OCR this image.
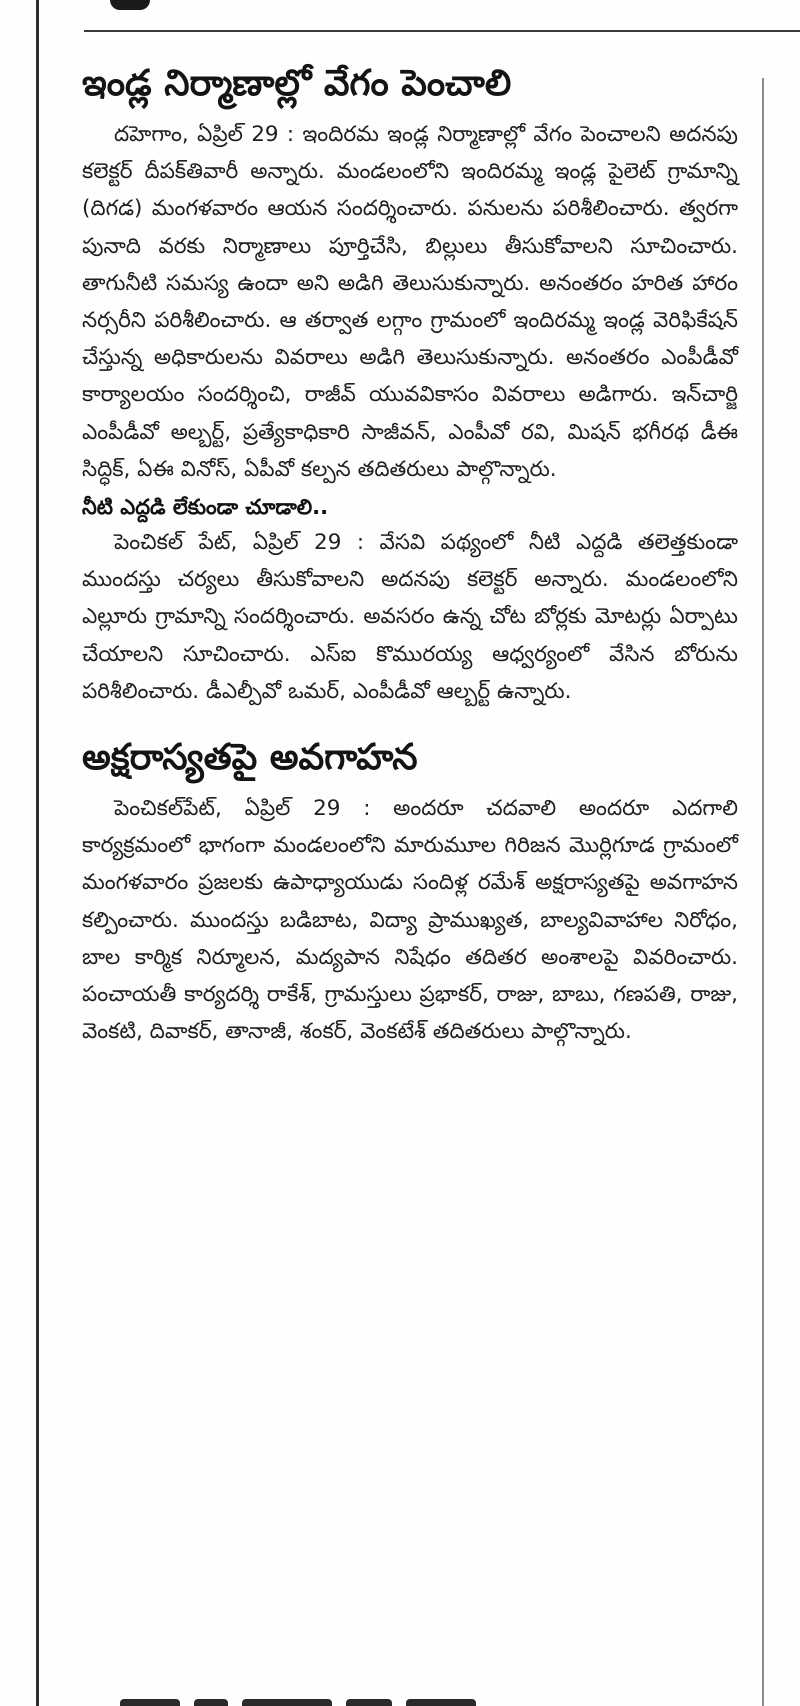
ఇండ్ల నిర్మాణాల్లో వేగం పెంచాలి

దహెగాం, ఏప్రిల్ 29 : ఇందిరమ ఇండ్ల నిర్మాణాల్లో వేగం పెంచాలని అదనపు కలెక్టర్ దీపక్‌తివారీ అన్నారు. మండలంలోని ఇందిరమ్మ ఇండ్ల పైలెట్ గ్రామాన్ని (దిగడ) మంగళవారం ఆయన సందర్శించారు. పనులను పరిశీలించారు. త్వరగా పునాది వరకు నిర్మాణాలు పూర్తిచేసి, బిల్లులు తీసుకోవాలని సూచించారు. తాగునీటి సమస్య ఉందా అని అడిగి తెలుసుకున్నారు. అనంతరం హరిత హారం నర్సరీని పరిశీలించారు. ఆ తర్వాత లగ్గాం గ్రామంలో ఇందిరమ్మ ఇండ్ల వెరిఫికేషన్ చేస్తున్న అధికారులను వివరాలు అడిగి తెలుసుకున్నారు. అనంతరం ఎంపీడీవో కార్యాలయం సందర్శించి, రాజీవ్ యువవికాసం వివరాలు అడిగారు. ఇన్‌చార్జి ఎంపీడీవో అల్బర్ట్, ప్రత్యేకాధికారి సాజీవన్, ఎంపీవో రవి, మిషన్ భగీరథ డీఈ సిద్ధిక్, ఏఈ వినోస్, ఏపీవో కల్పన తదితరులు పాల్గొన్నారు.

నీటి ఎద్దడి లేకుండా చూడాలి..

పెంచికల్ పేట్, ఏప్రిల్ 29 : వేసవి పథ్యంలో నీటి ఎద్దడి తలెత్తకుండా ముందస్తు చర్యలు తీసుకోవాలని అదనపు కలెక్టర్ అన్నారు. మండలంలోని ఎల్లూరు గ్రామాన్ని సందర్శించారు. అవసరం ఉన్న చోట బోర్లకు మోటర్లు ఏర్పాటు చేయాలని సూచించారు. ఎస్ఐ కొమురయ్య ఆధ్వర్యంలో వేసిన బోరును పరిశీలించారు. డీఎల్పీవో ఒమర్, ఎంపీడీవో ఆల్బర్ట్ ఉన్నారు.

అక్షరాస్యతపై అవగాహన

పెంచికల్‌పేట్, ఏప్రిల్ 29 : అందరూ చదవాలి అందరూ ఎదగాలి కార్యక్రమంలో భాగంగా మండలంలోని మారుమూల గిరిజన మొర్లిగూడ గ్రామంలో మంగళవారం ప్రజలకు ఉపాధ్యాయుడు సందిళ్ల రమేశ్ అక్షరాస్యతపై అవగాహన కల్పించారు. ముందస్తు బడిబాట, విద్యా ప్రాముఖ్యత, బాల్యవివాహాల నిరోధం, బాల కార్మిక నిర్మూలన, మద్యపాన నిషేధం తదితర అంశాలపై వివరించారు. పంచాయతీ కార్యదర్శి రాకేశ్, గ్రామస్తులు ప్రభాకర్, రాజు, బాబు, గణపతి, రాజు, వెంకటి, దివాకర్, తానాజీ, శంకర్, వెంకటేశ్ తదితరులు పాల్గొన్నారు.
